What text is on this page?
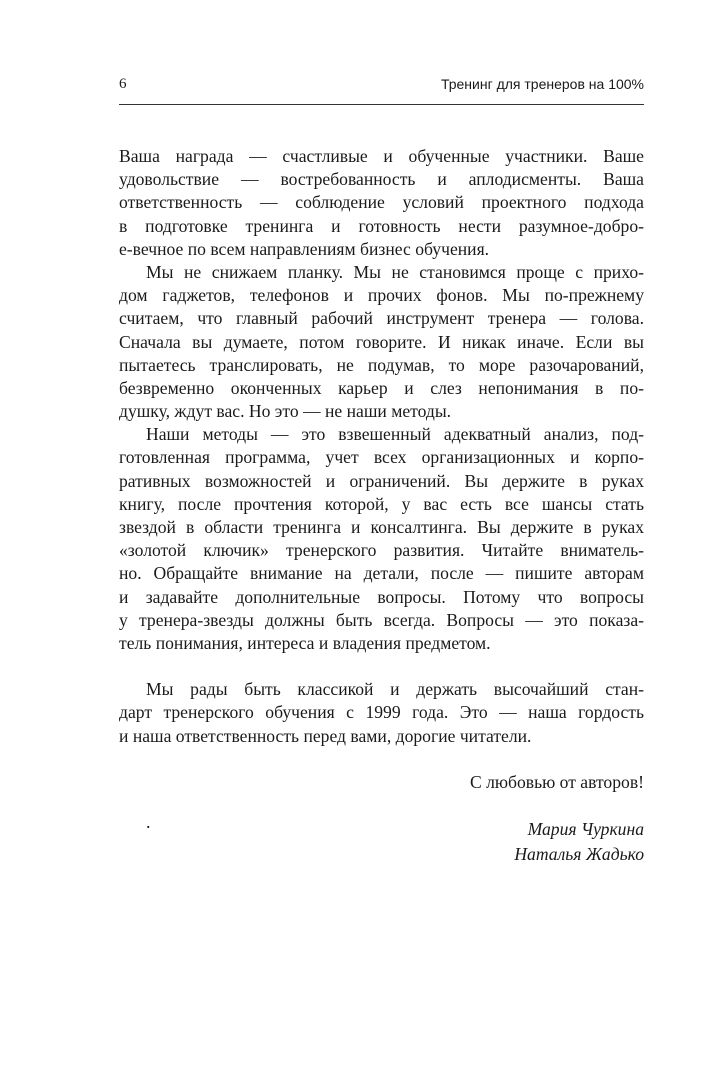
6	Тренинг для тренеров на 100%
Ваша награда — счастливые и обученные участники. Ваше
удовольствие — востребованность и аплодисменты. Ваша
ответственность — соблюдение условий проектного подхода
в подготовке тренинга и готовность нести разумное-добро-
е-вечное по всем направлениям бизнес обучения.
Мы не снижаем планку. Мы не становимся проще с прихо-
дом гаджетов, телефонов и прочих фонов. Мы по-прежнему
считаем, что главный рабочий инструмент тренера — голова.
Сначала вы думаете, потом говорите. И никак иначе. Если вы
пытаетесь транслировать, не подумав, то море разочарований,
безвременно оконченных карьер и слез непонимания в по-
душку, ждут вас. Но это — не наши методы.
Наши методы — это взвешенный адекватный анализ, под-
готовленная программа, учет всех организационных и корпо-
ративных возможностей и ограничений. Вы держите в руках
книгу, после прочтения которой, у вас есть все шансы стать
звездой в области тренинга и консалтинга. Вы держите в руках
«золотой ключик» тренерского развития. Читайте вниматель-
но. Обращайте внимание на детали, после — пишите авторам
и задавайте дополнительные вопросы. Потому что вопросы
у тренера-звезды должны быть всегда. Вопросы — это показа-
тель понимания, интереса и владения предметом.
Мы рады быть классикой и держать высочайший стан-
дарт тренерского обучения с 1999 года. Это — наша гордость
и наша ответственность перед вами, дорогие читатели.
С любовью от авторов!
Мария Чуркина
Наталья Жадько
.
